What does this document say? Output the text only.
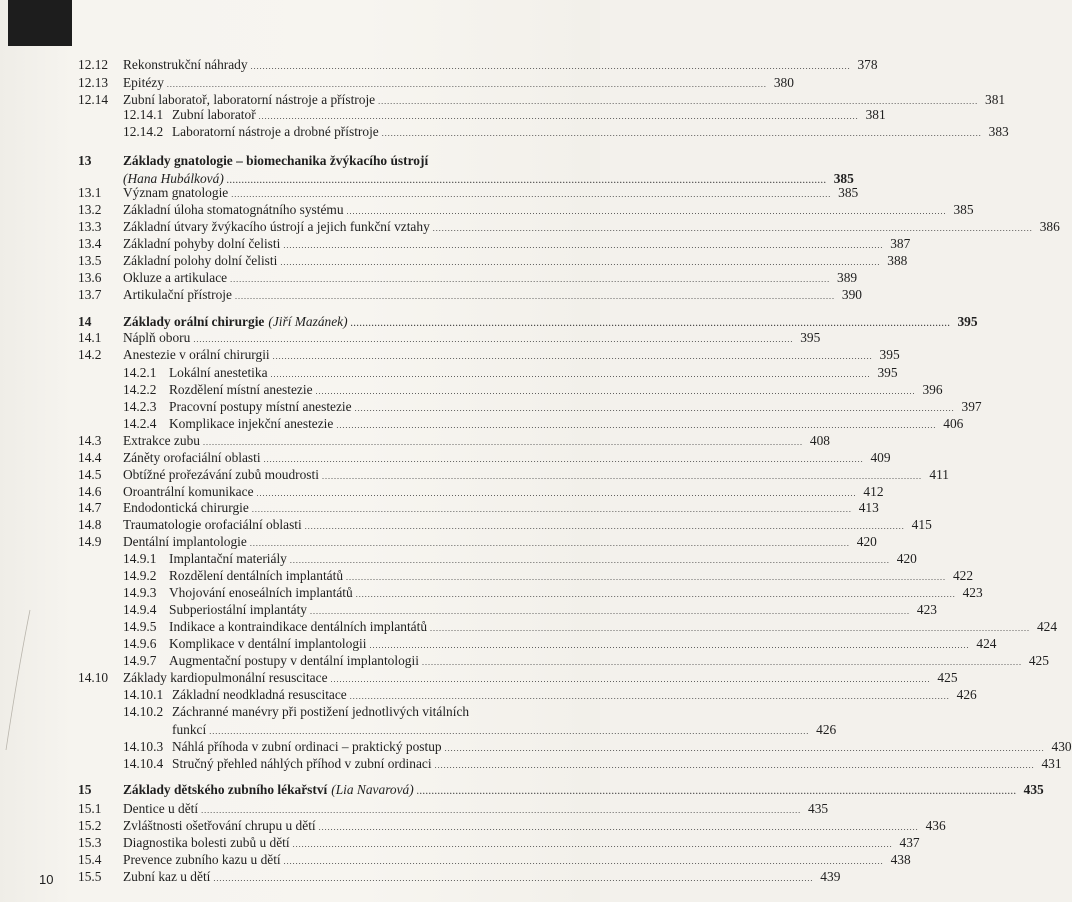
12.12 Rekonstrukční náhrady ........................................................................................................................................................................................................ 378
12.13 Epitézy ........................................................................................................................................................................................................ 380
12.14 Zubní laboratoř, laboratorní nástroje a přístroje ........................................................................................................................................................................................................ 381
12.14.1 Zubní laboratoř ........................................................................................................................................................................................................ 381
12.14.2 Laboratorní nástroje a drobné přístroje ........................................................................................................................................................................................................ 383
13 Základy gnatologie – biomechanika žvýkacího ústrojí
(Hana Hubálková) ........................................................................................................................................................................................................ 385
13.1 Význam gnatologie ........................................................................................................................................................................................................ 385
13.2 Základní úloha stomatognátního systému ........................................................................................................................................................................................................ 385
13.3 Základní útvary žvýkacího ústrojí a jejich funkční vztahy ........................................................................................................................................................................................................ 386
13.4 Základní pohyby dolní čelisti ........................................................................................................................................................................................................ 387
13.5 Základní polohy dolní čelisti ........................................................................................................................................................................................................ 388
13.6 Okluze a artikulace ........................................................................................................................................................................................................ 389
13.7 Artikulační přístroje ........................................................................................................................................................................................................ 390
14 Základy orální chirurgie (Jiří Mazánek) ........................................................................................................................................................................................................ 395
14.1 Náplň oboru ........................................................................................................................................................................................................ 395
14.2 Anestezie v orální chirurgii ........................................................................................................................................................................................................ 395
14.2.1 Lokální anestetika ........................................................................................................................................................................................................ 395
14.2.2 Rozdělení místní anestezie ........................................................................................................................................................................................................ 396
14.2.3 Pracovní postupy místní anestezie ........................................................................................................................................................................................................ 397
14.2.4 Komplikace injekční anestezie ........................................................................................................................................................................................................ 406
14.3 Extrakce zubu ........................................................................................................................................................................................................ 408
14.4 Záněty orofaciální oblasti ........................................................................................................................................................................................................ 409
14.5 Obtížné prořezávání zubů moudrosti ........................................................................................................................................................................................................ 411
14.6 Oroantrální komunikace ........................................................................................................................................................................................................ 412
14.7 Endodontická chirurgie ........................................................................................................................................................................................................ 413
14.8 Traumatologie orofaciální oblasti ........................................................................................................................................................................................................ 415
14.9 Dentální implantologie ........................................................................................................................................................................................................ 420
14.9.1 Implantační materiály ........................................................................................................................................................................................................ 420
14.9.2 Rozdělení dentálních implantátů ........................................................................................................................................................................................................ 422
14.9.3 Vhojování enoseálních implantátů ........................................................................................................................................................................................................ 423
14.9.4 Subperiostální implantáty ........................................................................................................................................................................................................ 423
14.9.5 Indikace a kontraindikace dentálních implantátů ........................................................................................................................................................................................................ 424
14.9.6 Komplikace v dentální implantologii ........................................................................................................................................................................................................ 424
14.9.7 Augmentační postupy v dentální implantologii ........................................................................................................................................................................................................ 425
14.10 Základy kardiopulmonální resuscitace ........................................................................................................................................................................................................ 425
14.10.1 Základní neodkladná resuscitace ........................................................................................................................................................................................................ 426
14.10.2 Záchranné manévry při postižení jednotlivých vitálních
funkcí ........................................................................................................................................................................................................ 426
14.10.3 Náhlá příhoda v zubní ordinaci – praktický postup ........................................................................................................................................................................................................ 430
14.10.4 Stručný přehled náhlých příhod v zubní ordinaci ........................................................................................................................................................................................................ 431
15 Základy dětského zubního lékařství (Lia Navarová) ........................................................................................................................................................................................................ 435
15.1 Dentice u dětí ........................................................................................................................................................................................................ 435
15.2 Zvláštnosti ošetřování chrupu u dětí ........................................................................................................................................................................................................ 436
15.3 Diagnostika bolesti zubů u dětí ........................................................................................................................................................................................................ 437
15.4 Prevence zubního kazu u dětí ........................................................................................................................................................................................................ 438
15.5 Zubní kaz u dětí ........................................................................................................................................................................................................ 439
10
